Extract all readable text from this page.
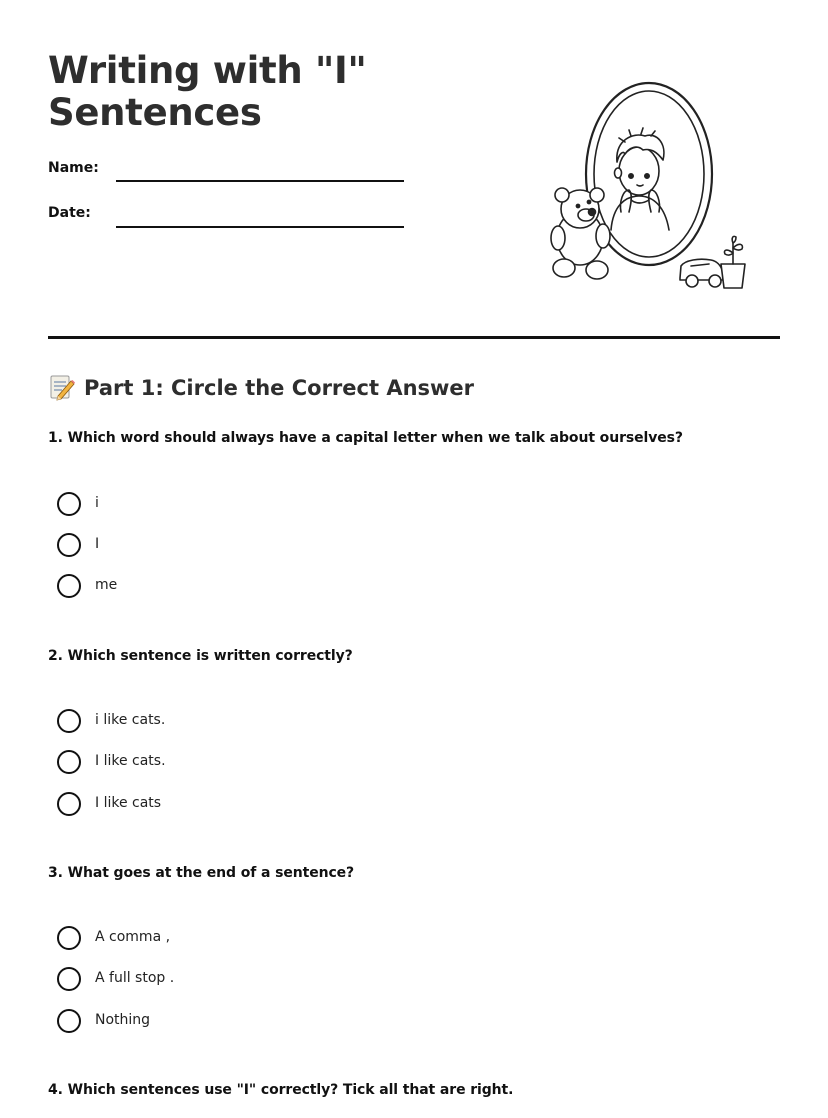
Writing with "I" Sentences
Name:
Date:
Part 1: Circle the Correct Answer

1. Which word should always have a capital letter when we talk about ourselves?

i
I
me

2. Which sentence is written correctly?

i like cats.
I like cats.
I like cats

3. What goes at the end of a sentence?

A comma ,
A full stop .
Nothing

4. Which sentences use "I" correctly? Tick all that are right.
